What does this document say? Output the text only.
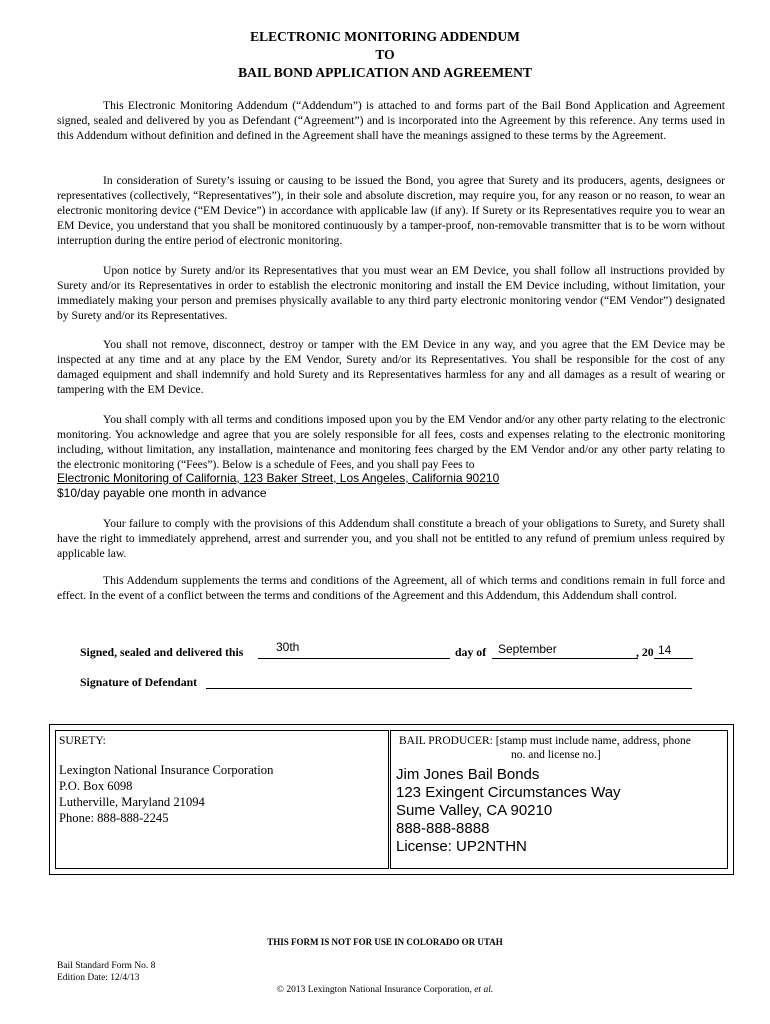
ELECTRONIC MONITORING ADDENDUM
TO
BAIL BOND APPLICATION AND AGREEMENT

This Electronic Monitoring Addendum (“Addendum”) is attached to and forms part of the Bail Bond Application and Agreement signed, sealed and delivered by you as Defendant (“Agreement”) and is incorporated into the Agreement by this reference. Any terms used in this Addendum without definition and defined in the Agreement shall have the meanings assigned to these terms by the Agreement.

In consideration of Surety’s issuing or causing to be issued the Bond, you agree that Surety and its producers, agents, designees or representatives (collectively, “Representatives”), in their sole and absolute discretion, may require you, for any reason or no reason, to wear an electronic monitoring device (“EM Device”) in accordance with applicable law (if any). If Surety or its Representatives require you to wear an EM Device, you understand that you shall be monitored continuously by a tamper-proof, non-removable transmitter that is to be worn without interruption during the entire period of electronic monitoring.

Upon notice by Surety and/or its Representatives that you must wear an EM Device, you shall follow all instructions provided by Surety and/or its Representatives in order to establish the electronic monitoring and install the EM Device including, without limitation, your immediately making your person and premises physically available to any third party electronic monitoring vendor (“EM Vendor”) designated by Surety and/or its Representatives.

You shall not remove, disconnect, destroy or tamper with the EM Device in any way, and you agree that the EM Device may be inspected at any time and at any place by the EM Vendor, Surety and/or its Representatives. You shall be responsible for the cost of any damaged equipment and shall indemnify and hold Surety and its Representatives harmless for any and all damages as a result of wearing or tampering with the EM Device.

You shall comply with all terms and conditions imposed upon you by the EM Vendor and/or any other party relating to the electronic monitoring. You acknowledge and agree that you are solely responsible for all fees, costs and expenses relating to the electronic monitoring including, without limitation, any installation, maintenance and monitoring fees charged by the EM Vendor and/or any other party relating to the electronic monitoring (“Fees”). Below is a schedule of Fees, and you shall pay Fees to

Electronic Monitoring of California, 123 Baker Street, Los Angeles, California 90210
$10/day payable one month in advance

Your failure to comply with the provisions of this Addendum shall constitute a breach of your obligations to Surety, and Surety shall have the right to immediately apprehend, arrest and surrender you, and you shall not be entitled to any refund of premium unless required by applicable law.

This Addendum supplements the terms and conditions of the Agreement, all of which terms and conditions remain in full force and effect. In the event of a conflict between the terms and conditions of the Agreement and this Addendum, this Addendum shall control.

Signed, sealed and delivered this	30th	day of September	, 20 14
Signature of Defendant
SURETY:
Lexington National Insurance Corporation
P.O. Box 6098
Lutherville, Maryland 21094
Phone: 888-888-2245
BAIL PRODUCER: [stamp must include name, address, phone
no. and license no.]
Jim Jones Bail Bonds
123 Exingent Circumstances Way
Sume Valley, CA 90210
888-888-8888
License: UP2NTHN
THIS FORM IS NOT FOR USE IN COLORADO OR UTAH
Bail Standard Form No. 8
Edition Date: 12/4/13
© 2013 Lexington National Insurance Corporation, et al.
